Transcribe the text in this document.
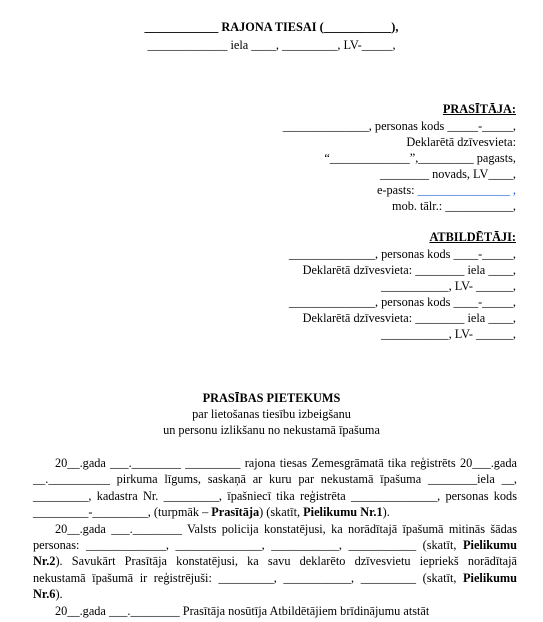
____________ RAJONA TIESAI (___________),
_____________ iela ____, _________, LV-_____,
PRASĪTĀJA:
______________, personas kods _____-_____,
Deklarētā dzīvesvieta:
“_____________”,_________ pagasts,
________ novads, LV____,
e-pasts: _______________ ,
mob. tālr.: ___________,
ATBILDĒTĀJI:
______________, personas kods ____-_____,
Deklarētā dzīvesvieta: ________ iela ____,
___________, LV- ______,
______________, personas kods ____-_____,
Deklarētā dzīvesvieta: ________ iela ____,
___________, LV- ______,
PRASĪBAS PIETEKUMS
par lietošanas tiesību izbeigšanu
un personu izlikšanu no nekustamā īpašuma

20__.gada ___.________ _________ rajona tiesas Zemesgrāmatā tika reģistrēts 20___.gada __.__________ pirkuma līgums, saskaņā ar kuru par nekustamā īpašuma ________iela __, _________, kadastra Nr. _________, īpašniecī tika reģistrēta ______________, personas kods _________-_________, (turpmāk – Prasītāja) (skatīt, Pielikumu Nr.1).

20__.gada ___.________ Valsts policija konstatējusi, ka norādītajā īpašumā mitinās šādas personas: _____________, ______________, ___________, ___________ (skatīt, Pielikumu Nr.2). Savukārt Prasītāja konstatējusi, ka savu deklarēto dzīvesvietu iepriekš norādītajā nekustamā īpašumā ir reģistrējuši: _________, ___________, _________ (skatīt, Pielikumu Nr.6).

20__.gada ___.________ Prasītāja nosūtīja Atbildētājiem brīdinājumu atstāt
